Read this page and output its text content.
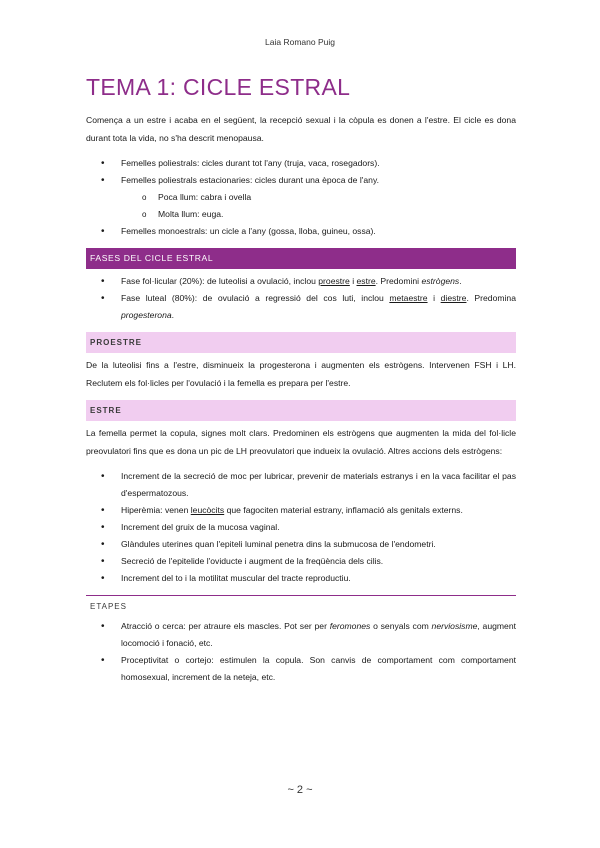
Laia Romano Puig
TEMA 1: CICLE ESTRAL

Comença a un estre i acaba en el següent, la recepció sexual i la còpula es donen a l'estre. El cicle es dona durant tota la vida, no s'ha descrit menopausa.

• Femelles poliestrals: cicles durant tot l'any (truja, vaca, rosegadors).
• Femelles poliestrals estacionaries: cicles durant una època de l'any.
o Poca llum: cabra i ovella
o Molta llum: euga.
• Femelles monoestrals: un cicle a l'any (gossa, lloba, guineu, ossa).
FASES DEL CICLE ESTRAL
• Fase fol·licular (20%): de luteolisi a ovulació, inclou proestre i estre. Predomini estrògens.
• Fase luteal (80%): de ovulació a regressió del cos luti, inclou metaestre i diestre. Predomina progesterona.
PROESTRE

De la luteolisi fins a l'estre, disminueix la progesterona i augmenten els estrògens. Intervenen FSH i LH. Reclutem els fol·licles per l'ovulació i la femella es prepara per l'estre.

ESTRE

La femella permet la copula, signes molt clars. Predominen els estrògens que augmenten la mida del fol·licle preovulatori fins que es dona un pic de LH preovulatori que indueix la ovulació. Altres accions dels estrògens:

• Increment de la secreció de moc per lubricar, prevenir de materials estranys i en la vaca facilitar el pas d'espermatozous.
• Hiperèmia: venen leucòcits que fagociten material estrany, inflamació als genitals externs.
• Increment del gruix de la mucosa vaginal.
• Glàndules uterines quan l'epiteli luminal penetra dins la submucosa de l'endometri.
• Secreció de l'epitelide l'oviducte i augment de la freqüència dels cilis.
• Increment del to i la motilitat muscular del tracte reproductiu.
ETAPES
• Atracció o cerca: per atraure els mascles. Pot ser per feromones o senyals com nerviosisme, augment locomoció i fonació, etc.
• Proceptivitat o cortejo: estimulen la copula. Son canvis de comportament com comportament homosexual, increment de la neteja, etc.
~ 2 ~
